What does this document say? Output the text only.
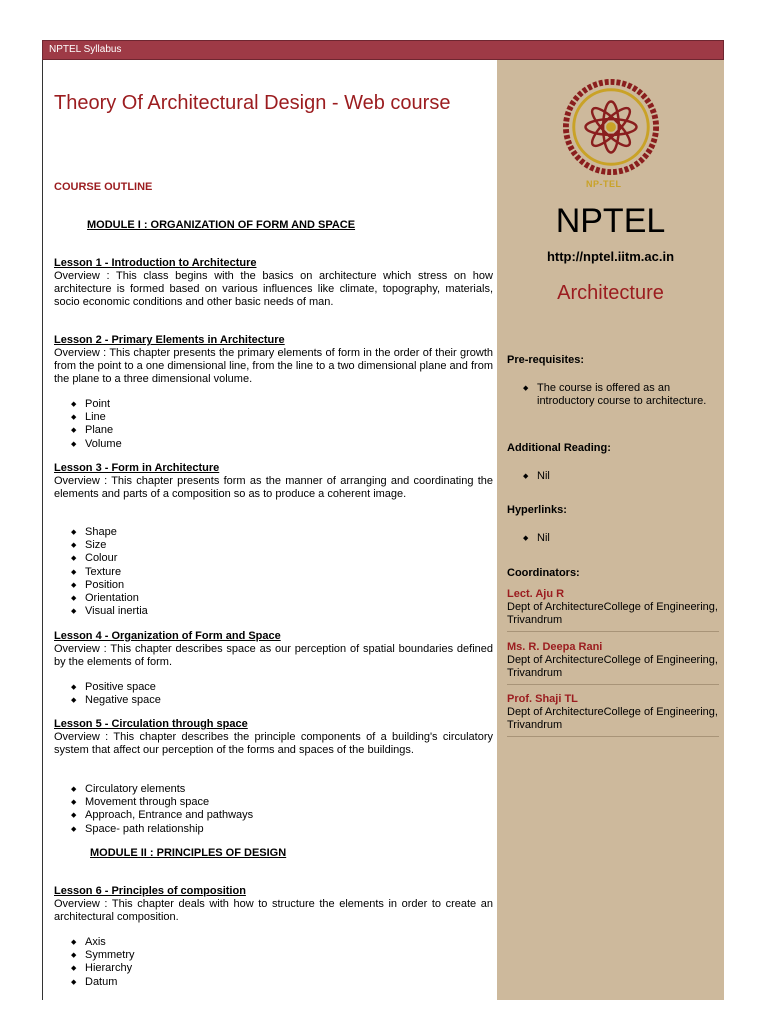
NPTEL Syllabus
Theory Of Architectural Design - Web course
COURSE OUTLINE
MODULE I : ORGANIZATION OF FORM AND SPACE
Lesson 1 - Introduction to Architecture
Overview : This class begins with the basics on architecture which stress on how architecture is formed based on various influences like climate, topography, materials, socio economic conditions and other basic needs of man.
Lesson 2 - Primary Elements in Architecture
Overview : This chapter presents the primary elements of form in the order of their growth from the point to a one dimensional line, from the line to a two dimensional plane and from the plane to a three dimensional volume.
◆ Point
◆ Line
◆ Plane
◆ Volume
Lesson 3 - Form in Architecture
Overview : This chapter presents form as the manner of arranging and coordinating the elements and parts of a composition so as to produce a coherent image.
◆ Shape
◆ Size
◆ Colour
◆ Texture
◆ Position
◆ Orientation
◆ Visual inertia
Lesson 4 - Organization of Form and Space
Overview : This chapter describes space as our perception of spatial boundaries defined by the elements of form.
◆ Positive space
◆ Negative space
Lesson 5 - Circulation through space
Overview : This chapter describes the principle components of a building's circulatory system that affect our perception of the forms and spaces of the buildings.
◆ Circulatory elements
◆ Movement through space
◆ Approach, Entrance and pathways
◆ Space- path relationship
MODULE II : PRINCIPLES OF DESIGN
Lesson 6 - Principles of composition
Overview : This chapter deals with how to structure the elements in order to create an architectural composition.
◆ Axis
◆ Symmetry
◆ Hierarchy
◆ Datum
NP-TEL
NPTEL
http://nptel.iitm.ac.in
Architecture
Pre-requisites:
◆ The course is offered as an introductory course to architecture.
Additional Reading:
◆ Nil
Hyperlinks:
◆ Nil
Coordinators:
Lect. Aju R
Dept of ArchitectureCollege of Engineering, Trivandrum
Ms. R. Deepa Rani
Dept of ArchitectureCollege of Engineering, Trivandrum
Prof. Shaji TL
Dept of ArchitectureCollege of Engineering, Trivandrum
